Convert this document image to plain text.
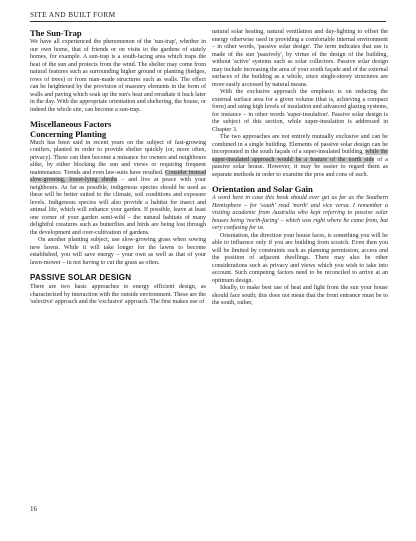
SITE AND BUILT FORM
The Sun-Trap

We have all experienced the phenomenon of the 'sun-trap', whether in our own home, that of friends or on visits to the gardens of stately homes, for example. A sun-trap is a south-facing area which traps the heat of the sun and protects from the wind. The shelter may come from natural features such as surrounding higher ground or planting (hedges, rows of trees) or from man-made structures such as walls. The effect can be heightened by the provision of masonry elements in the form of walls and paving which soak up the sun's heat and reradiate it back later in the day. With the appropriate orientation and sheltering, the house, or indeed the whole site, can become a sun-trap.

Miscellaneous Factors
Concerning Planting

Much has been said in recent years on the subject of fast-growing conifers, planted in order to provide shelter quickly (or, more often, privacy). These can then become a nuisance for owners and neighbours alike, by either blocking the sun and views or requiring frequent maintenance. Trends and even law-suits have resulted. Consider instead slow-growing, lower-lying shrubs – and live at peace with your neighbours. As far as possible, indigenous species should be used as these will be better suited to the climate, soil conditions and exposure levels. Indigenous species will also provide a habitat for insect and animal life, which will enhance your garden. If possible, leave at least one corner of your garden semi-wild – the natural habitats of many delightful creatures such as butterflies and birds are being lost through the development and over-cultivation of gardens.

On another planting subject, use slow-growing grass when sowing new lawns. While it will take longer for the lawns to become established, you will save energy – your own as well as that of your lawn-mower – in not having to cut the grass as often.

PASSIVE SOLAR DESIGN

There are two basic approaches to energy efficient design, as characterized by interaction with the outside environment. These are the 'selective' approach and the 'exclusive' approach. The first makes use of

natural solar heating, natural ventilation and day-lighting to offset the energy otherwise used in providing a comfortable internal environment – in other words, 'passive solar design'. The term indicates that use is made of the sun 'passively', by virtue of the design of the building, without 'active' systems such as solar collectors. Passive solar design may include increasing the area of your south façade and of the external surfaces of the building as a whole, since single-storey structures are more easily accessed by natural means.

With the exclusive approach the emphasis is on reducing the external surface area for a given volume (that is, achieving a compact form) and using high levels of insulation and advanced glazing systems, for instance – in other words 'super-insulation'. Passive solar design is the subject of this section, while super-insulation is addressed in Chapter 3.

The two approaches are not entirely mutually exclusive and can be combined in a single building. Elements of passive solar design can be incorporated in the south façade of a super-insulated building, while the super-insulated approach would be a feature of the north side of a passive solar house. However, it may be easier to regard them as separate methods in order to examine the pros and cons of each.

Orientation and Solar Gain

A word here in case this book should ever get as far as the Southern Hemisphere – for 'south' read 'north' and vice versa. I remember a visiting academic from Australia who kept referring to passive solar houses being 'north-facing' – which was right where he came from, but very confusing for us.

Orientation, the direction your house faces, is something you will be able to influence only if you are building from scratch. Even then you will be limited by constraints such as planning permission, access and the position of adjacent dwellings. There may also be other considerations such as privacy and views which you wish to take into account. Such competing factors need to be reconciled to arrive at an optimum design.

Ideally, to make best use of heat and light from the sun your house should face south; this does not mean that the front entrance must be to the south, rather,

16
